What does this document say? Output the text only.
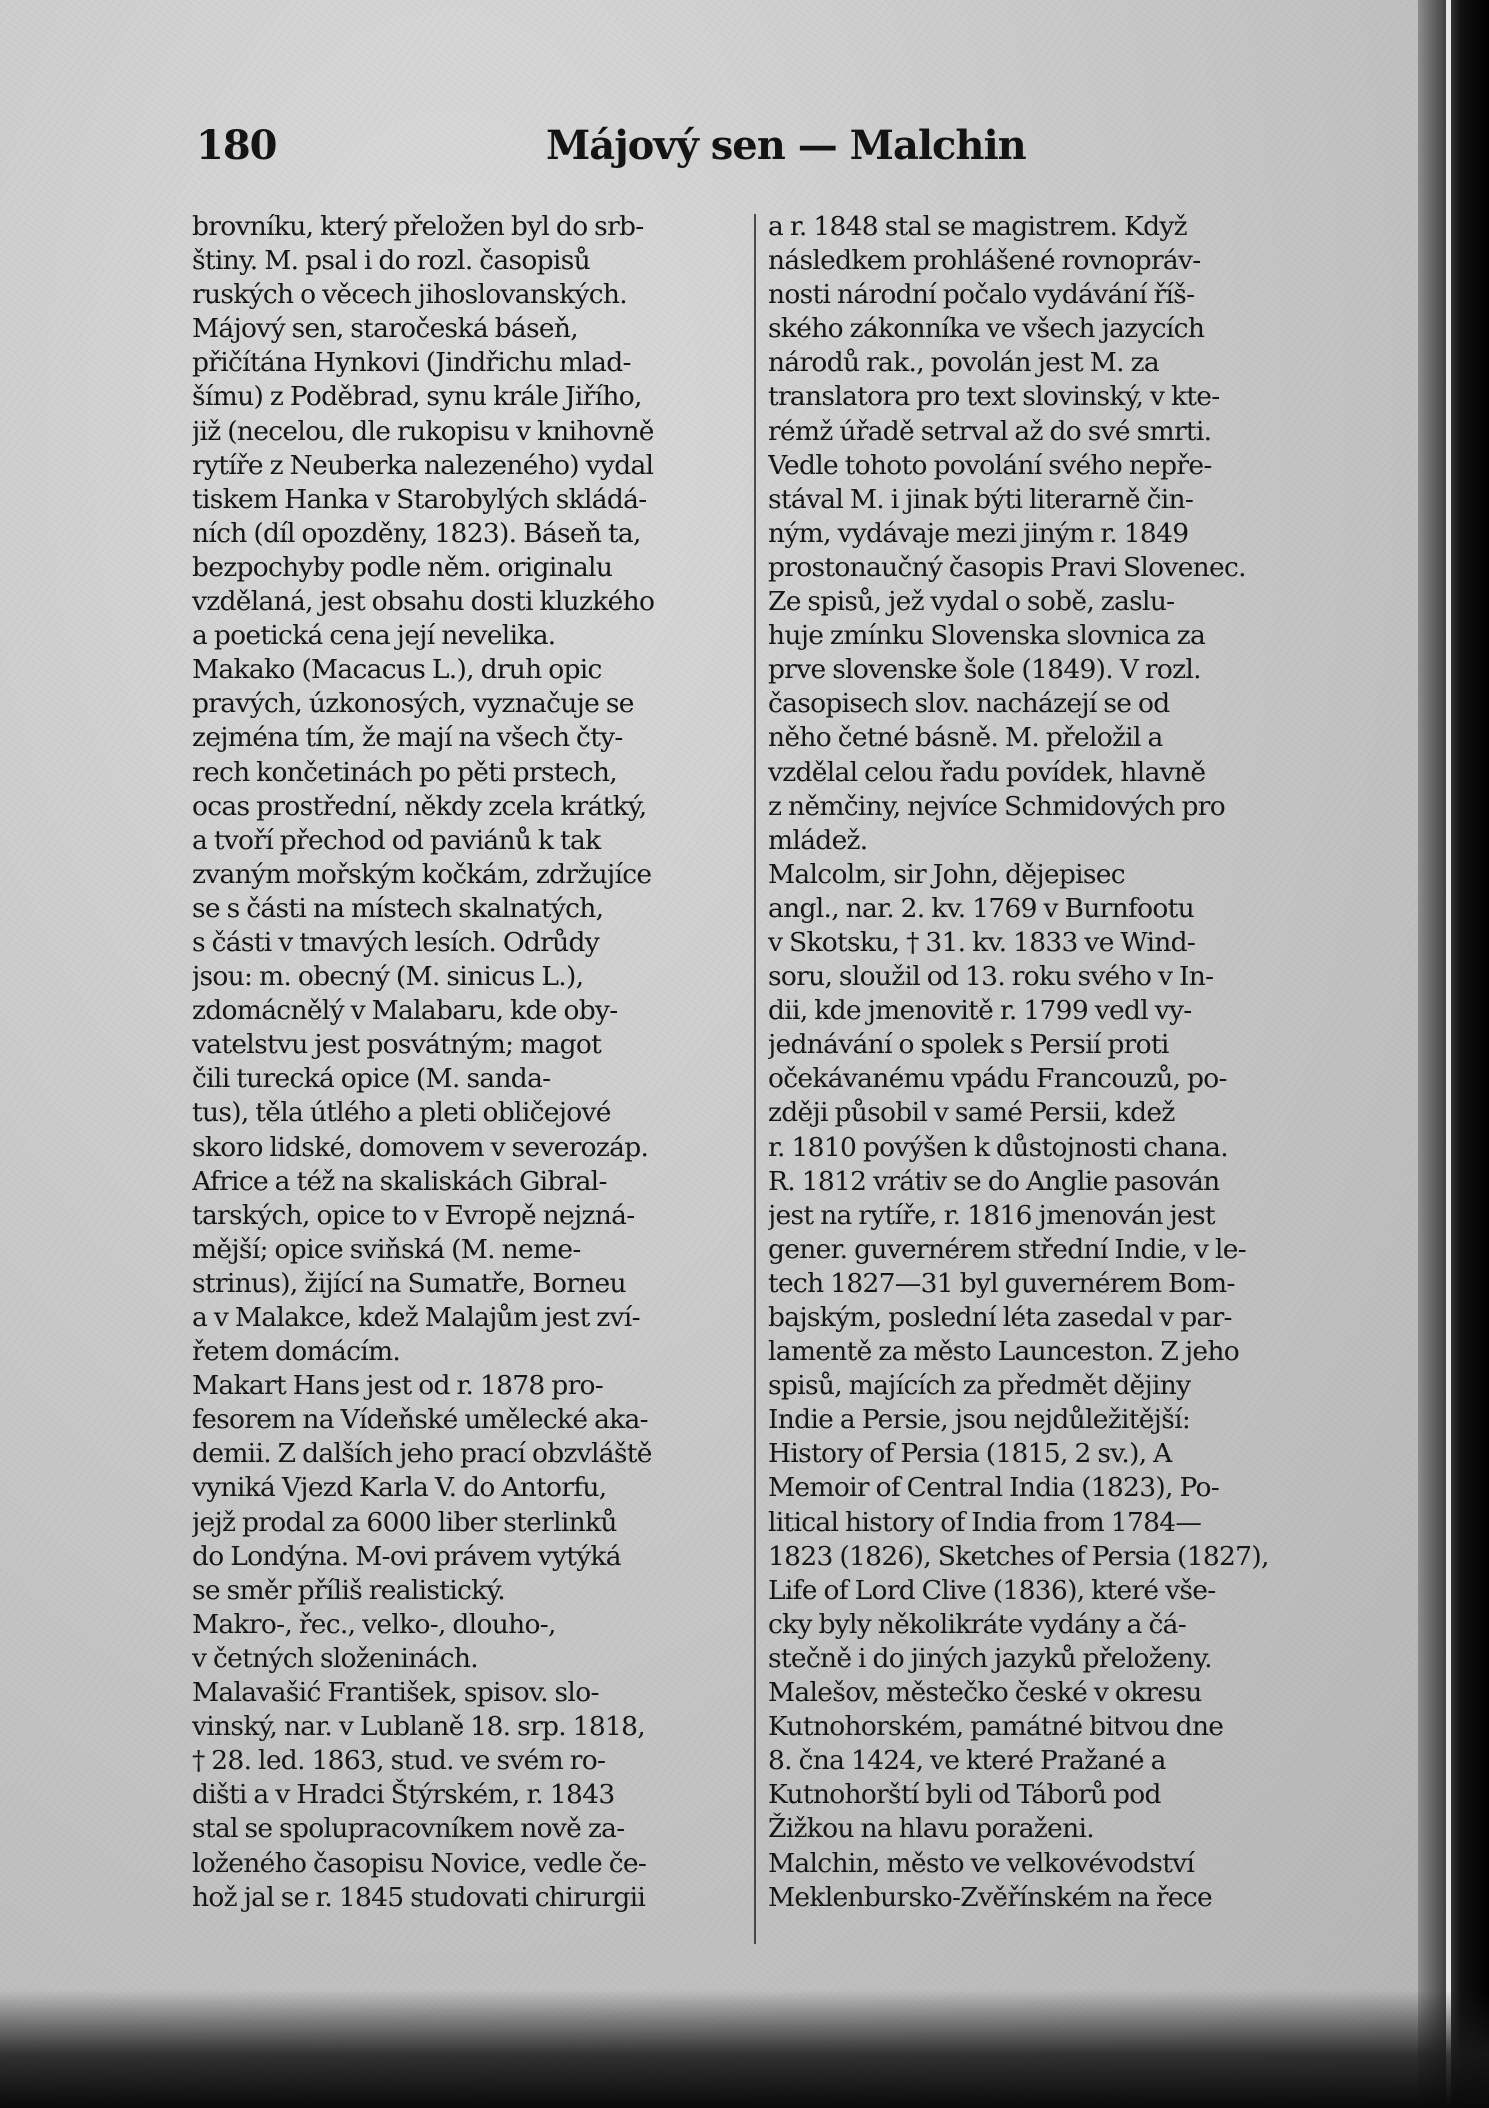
180	Májový sen — Malchin
brovníku, který přeložen byl do srb-
štiny. M. psal i do rozl. časopisů
ruských o věcech jihoslovanských.
Májový sen, staročeská báseň,
přičítána Hynkovi (Jindřichu mlad-
šímu) z Poděbrad, synu krále Jiřího,
již (necelou, dle rukopisu v knihovně
rytíře z Neuberka nalezeného) vydal
tiskem Hanka v Starobylých skládá-
ních (díl opozděny, 1823). Báseň ta,
bezpochyby podle něm. originalu
vzdělaná, jest obsahu dosti kluzkého
a poetická cena její nevelika.
Makako (Macacus L.), druh opic
pravých, úzkonosých, vyznačuje se
zejména tím, že mají na všech čty-
rech končetinách po pěti prstech,
ocas prostřední, někdy zcela krátký,
a tvoří přechod od paviánů k tak
zvaným mořským kočkám, zdržujíce
se s části na místech skalnatých,
s části v tmavých lesích. Odrůdy
jsou: m. obecný (M. sinicus L.),
zdomácnělý v Malabaru, kde oby-
vatelstvu jest posvátným; magot
čili turecká opice (M. sanda-
tus), těla útlého a pleti obličejové
skoro lidské, domovem v severozáp.
Africe a též na skaliskách Gibral-
tarských, opice to v Evropě nejzná-
mější; opice sviňská (M. neme-
strinus), žijící na Sumatře, Borneu
a v Malakce, kdež Malajům jest zví-
řetem domácím.
Makart Hans jest od r. 1878 pro-
fesorem na Vídeňské umělecké aka-
demii. Z dalších jeho prací obzvláště
vyniká Vjezd Karla V. do Antorfu,
jejž prodal za 6000 liber sterlinků
do Londýna. M-ovi právem vytýká
se směr příliš realistický.
Makro-, řec., velko-, dlouho-,
v četných složeninách.
Malavašić František, spisov. slo-
vinský, nar. v Lublaně 18. srp. 1818,
† 28. led. 1863, stud. ve svém ro-
dišti a v Hradci Štýrském, r. 1843
stal se spolupracovníkem nově za-
loženého časopisu Novice, vedle če-
hož jal se r. 1845 studovati chirurgii
a r. 1848 stal se magistrem. Když
následkem prohlášené rovnopráv-
nosti národní počalo vydávání říš-
ského zákonníka ve všech jazycích
národů rak., povolán jest M. za
translatora pro text slovinský, v kte-
rémž úřadě setrval až do své smrti.
Vedle tohoto povolání svého nepře-
stával M. i jinak býti literarně čin-
ným, vydávaje mezi jiným r. 1849
prostonaučný časopis Pravi Slovenec.
Ze spisů, jež vydal o sobě, zaslu-
huje zmínku Slovenska slovnica za
prve slovenske šole (1849). V rozl.
časopisech slov. nacházejí se od
něho četné básně. M. přeložil a
vzdělal celou řadu povídek, hlavně
z němčiny, nejvíce Schmidových pro
mládež.
Malcolm, sir John, dějepisec
angl., nar. 2. kv. 1769 v Burnfootu
v Skotsku, † 31. kv. 1833 ve Wind-
soru, sloužil od 13. roku svého v In-
dii, kde jmenovitě r. 1799 vedl vy-
jednávání o spolek s Persií proti
očekávanému vpádu Francouzů, po-
zději působil v samé Persii, kdež
r. 1810 povýšen k důstojnosti chana.
R. 1812 vrátiv se do Anglie pasován
jest na rytíře, r. 1816 jmenován jest
gener. guvernérem střední Indie, v le-
tech 1827—31 byl guvernérem Bom-
bajským, poslední léta zasedal v par-
lamentě za město Launceston. Z jeho
spisů, majících za předmět dějiny
Indie a Persie, jsou nejdůležitější:
History of Persia (1815, 2 sv.), A
Memoir of Central India (1823), Po-
litical history of India from 1784—
1823 (1826), Sketches of Persia (1827),
Life of Lord Clive (1836), které vše-
cky byly několikráte vydány a čá-
stečně i do jiných jazyků přeloženy.
Malešov, městečko české v okresu
Kutnohorském, památné bitvou dne
8. čna 1424, ve které Pražané a
Kutnohorští byli od Táborů pod
Žižkou na hlavu poraženi.
Malchin, město ve velkovévodství
Meklenbursko-Zvěřínském na řece
